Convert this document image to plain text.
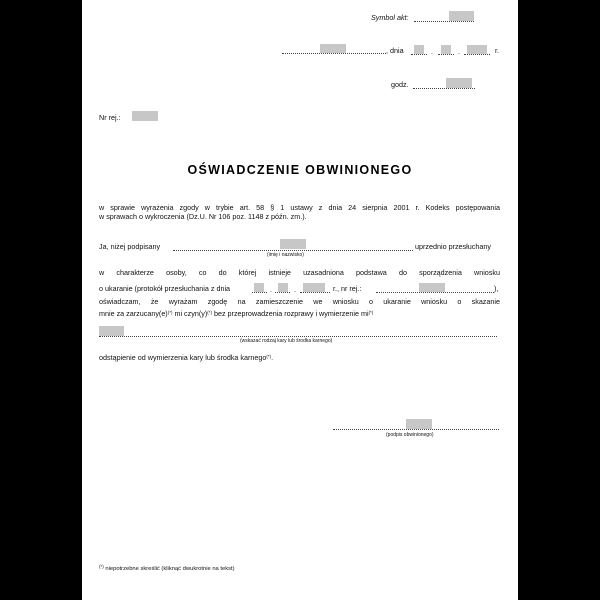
Symbol akt:
, dnia	.	.	r.
godz.
Nr rej.:
OŚWIADCZENIE OBWINIONEGO
w sprawie wyrażenia zgody w trybie art. 58 § 1 ustawy z dnia 24 sierpnia 2001 r. Kodeks postępowania
w sprawach o wykroczenia (Dz.U. Nr 106 poz. 1148 z późn. zm.).
Ja, niżej podpisany	uprzednio przesłuchany
(imię i nazwisko)
w charakterze osoby, co do której istnieje uzasadniona podstawa do sporządzenia wniosku
o ukaranie (protokół przesłuchania z dnia	.	.	r., nr rej.:	),
oświadczam, że wyrażam zgodę na zamieszczenie we wniosku o ukaranie wniosku o skazanie
mnie za zarzucany(e)(*) mi czyn(y)(*) bez przeprowadzenia rozprawy i wymierzenie mi(*)
(wskazać rodzaj kary lub środka karnego)
odstąpienie od wymierzenia kary lub środka karnego(*).
(podpis obwinionego)
(*) niepotrzebne skreślić (kliknąć dwukrotnie na tekst)
